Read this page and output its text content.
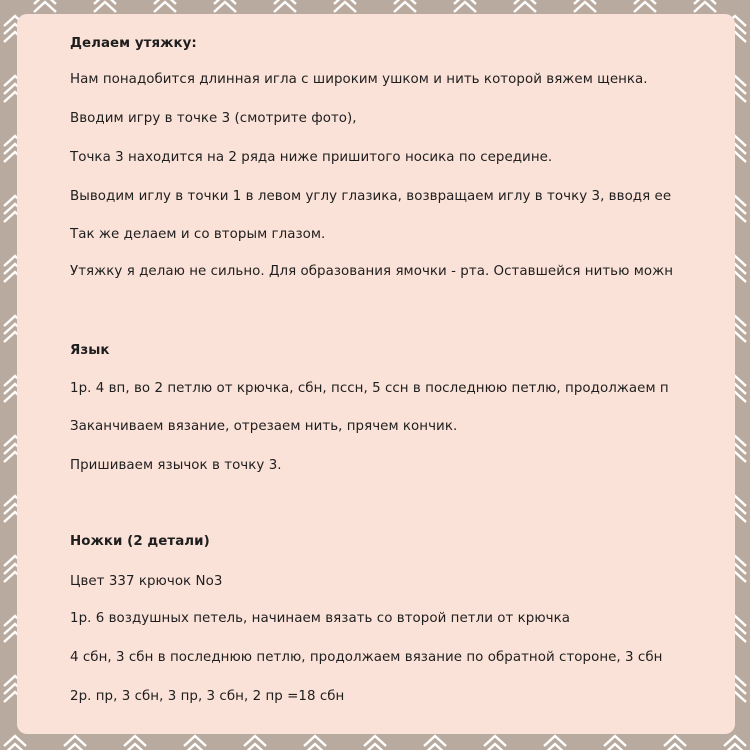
Делаем утяжку:
Нам понадобится длинная игла с широким ушком и нить которой вяжем щенка.
Вводим игру в точке 3 (смотрите фото),
Точка 3 находится на 2 ряда ниже пришитого носика по середине.
Выводим иглу в точки 1 в левом углу глазика, возвращаем иглу в точку 3, вводя ее
Так же делаем и со вторым глазом.
Утяжку я делаю не сильно. Для образования ямочки - рта. Оставшейся нитью можн
Язык
1р. 4 вп, во 2 петлю от крючка, сбн, пссн, 5 ссн в последнюю петлю, продолжаем п
Заканчиваем вязание, отрезаем нить, прячем кончик.
Пришиваем язычок в точку 3.
Ножки (2 детали)
Цвет 337 крючок No3
1р. 6 воздушных петель, начинаем вязать со второй петли от крючка
4 сбн, 3 сбн в последнюю петлю, продолжаем вязание по обратной стороне, 3 сбн
2р. пр, 3 сбн, 3 пр, 3 сбн, 2 пр =18 сбн
